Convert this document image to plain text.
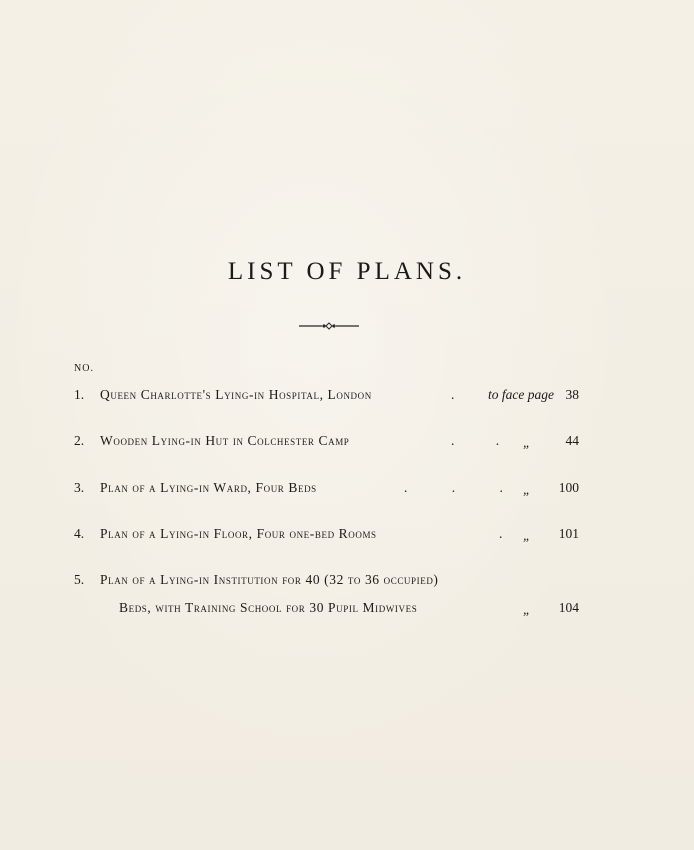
LIST OF PLANS.
NO.
1. Queen Charlotte's Lying-in Hospital, London	. to face page 38
2. Wooden Lying-in Hut in Colchester Camp	. . „	44
3. Plan of a Lying-in Ward, Four Beds	. . . „ 100
4. Plan of a Lying-in Floor, Four one-bed Rooms	. „ 101
5. Plan of a Lying-in Institution for 40 (32 to 36 occupied)
Beds, with Training School for 30 Pupil Midwives	„ 104
